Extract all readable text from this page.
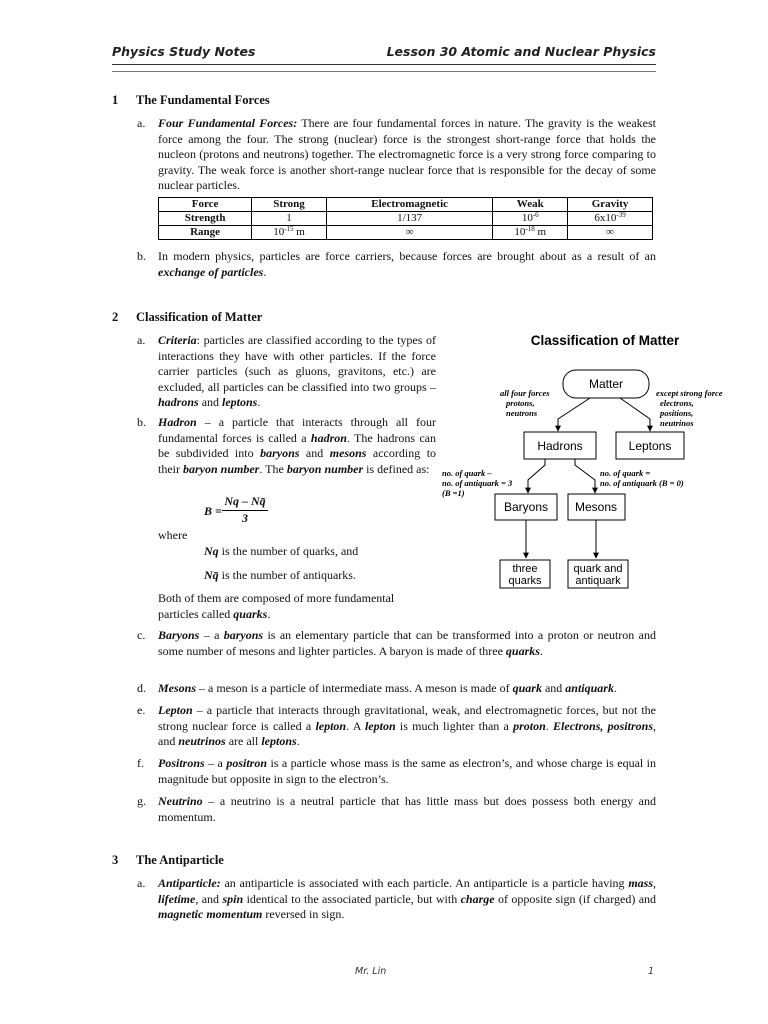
Physics Study Notes	Lesson 30 Atomic and Nuclear Physics
1 The Fundamental Forces
a. Four Fundamental Forces: There are four fundamental forces in nature. The gravity is the weakest force among the four. The strong (nuclear) force is the strongest short-range force that holds the nucleon (protons and neutrons) together. The electromagnetic force is a very strong force comparing to gravity. The weak force is another short-range nuclear force that is responsible for the decay of some nuclear particles.
Force	Strong	Electromagnetic	Weak	Gravity
Strength	1	1/137	$10^{-6}$	$6x10^{-39}$
Range	$10^{-15}$ m	∞	$10^{-18}$ m	∞
b. In modern physics, particles are force carriers, because forces are brought about as a result of an exchange of particles.
2 Classification of Matter
a. Criteria: particles are classified according to the types of interactions they have with other particles. If the force carrier particles (such as gluons, gravitons, etc.) are excluded, all particles can be classified into two groups – hadrons and leptons.
b. Hadron – a particle that interacts through all four fundamental forces is called a hadron. The hadrons can be subdivided into baryons and mesons according to their baryon number. The baryon number is defined as:
$B = \frac{Nq - Nq̄}{3}$
where
Nq is the number of quarks, and
Nq̄ is the number of antiquarks.
Both of them are composed of more fundamental particles called quarks.
c. Baryons – a baryons is an elementary particle that can be transformed into a proton or neutron and some number of mesons and lighter particles. A baryon is made of three quarks.
d. Mesons – a meson is a particle of intermediate mass. A meson is made of quark and antiquark.
e. Lepton – a particle that interacts through gravitational, weak, and electromagnetic forces, but not the strong nuclear force is called a lepton. A lepton is much lighter than a proton. Electrons, positrons, and neutrinos are all leptons.
f. Positrons – a positron is a particle whose mass is the same as electron’s, and whose charge is equal in magnitude but opposite in sign to the electron’s.
g. Neutrino – a neutrino is a neutral particle that has little mass but does possess both energy and momentum.
Classification of Matter
Matter
Hadrons	Leptons
Baryons Mesons
three
quarks
quark and
antiquark
all four forces
protons,
neutrons
except strong force
electrons,
positions,
neutrinos
no. of quark –
no. of antiquark = 3
(B =1)
no. of quark =
no. of antiquark (B = 0)
3 The Antiparticle
a. Antiparticle: an antiparticle is associated with each particle. An antiparticle is a particle having mass, lifetime, and spin identical to the associated particle, but with charge of opposite sign (if charged) and magnetic momentum reversed in sign.
Mr. Lin	1
